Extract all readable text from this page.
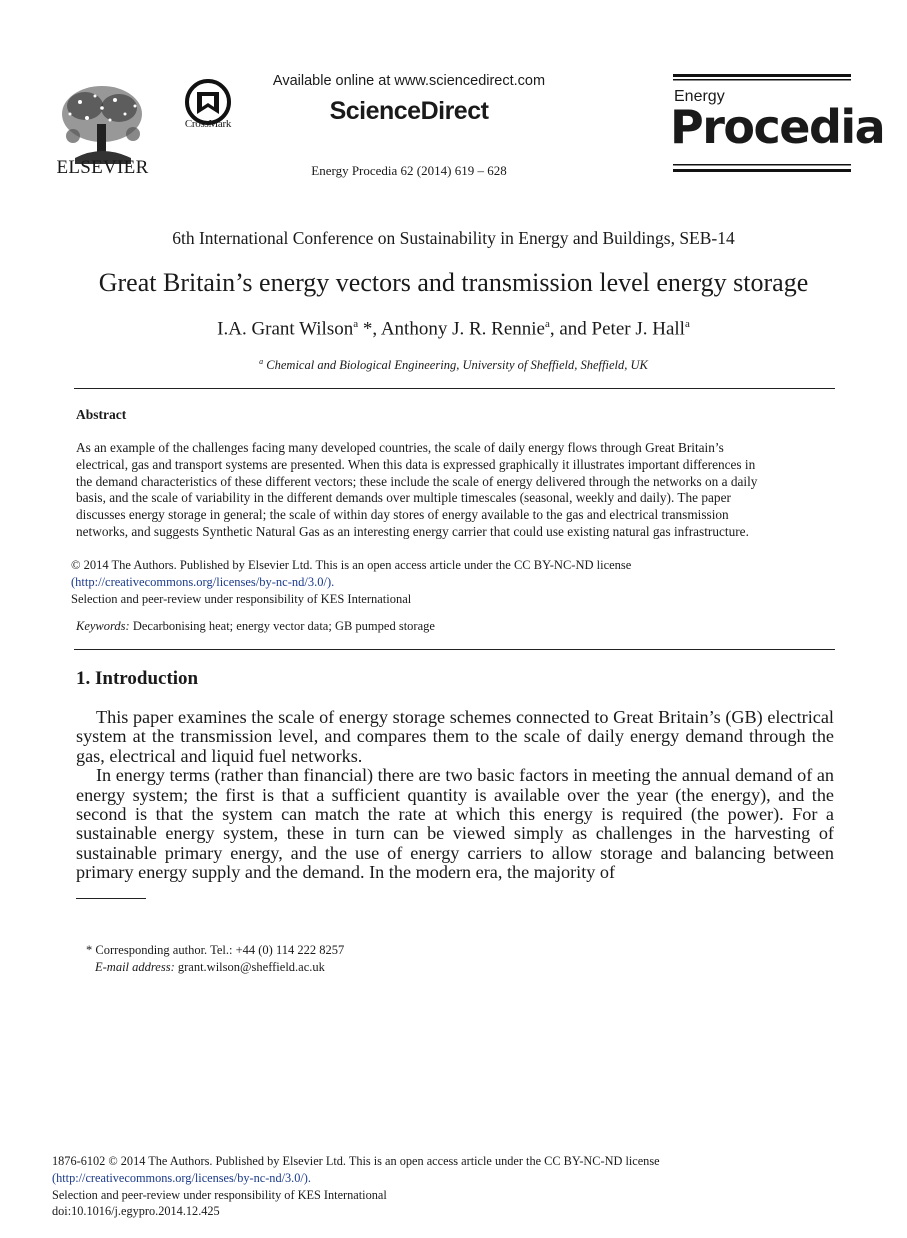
ELSEVIER
CrossMark
Available online at www.sciencedirect.com
ScienceDirect
Energy Procedia 62 (2014) 619 – 628
Energy
Procedia
6th International Conference on Sustainability in Energy and Buildings, SEB-14
Great Britain’s energy vectors and transmission level energy storage
I.A. Grant Wilson$^a$ *, Anthony J. R. Rennie$^a$, and Peter J. Hall$^a$
$^a$ Chemical and Biological Engineering, University of Sheffield, Sheffield, UK
Abstract
As an example of the challenges facing many developed countries, the scale of daily energy flows through Great Britain’s
electrical, gas and transport systems are presented. When this data is expressed graphically it illustrates important differences in
the demand characteristics of these different vectors; these include the scale of energy delivered through the networks on a daily
basis, and the scale of variability in the different demands over multiple timescales (seasonal, weekly and daily). The paper
discusses energy storage in general; the scale of within day stores of energy available to the gas and electrical transmission
networks, and suggests Synthetic Natural Gas as an interesting energy carrier that could use existing natural gas infrastructure.
© 2014 The Authors. Published by Elsevier Ltd. This is an open access article under the CC BY-NC-ND license
(http://creativecommons.org/licenses/by-nc-nd/3.0/).
Selection and peer-review under responsibility of KES International
Keywords: Decarbonising heat; energy vector data; GB pumped storage
1. Introduction

This paper examines the scale of energy storage schemes connected to Great Britain’s (GB) electrical system at the transmission level, and compares them to the scale of daily energy demand through the gas, electrical and liquid fuel networks.

In energy terms (rather than financial) there are two basic factors in meeting the annual demand of an energy system; the first is that a sufficient quantity is available over the year (the energy), and the second is that the system can match the rate at which this energy is required (the power). For a sustainable energy system, these in turn can be viewed simply as challenges in the harvesting of sustainable primary energy, and the use of energy carriers to allow storage and balancing between primary energy supply and the demand. In the modern era, the majority of

* Corresponding author. Tel.: +44 (0) 114 222 8257
E-mail address: grant.wilson@sheffield.ac.uk
1876-6102 © 2014 The Authors. Published by Elsevier Ltd. This is an open access article under the CC BY-NC-ND license
(http://creativecommons.org/licenses/by-nc-nd/3.0/).
Selection and peer-review under responsibility of KES International
doi:10.1016/j.egypro.2014.12.425
